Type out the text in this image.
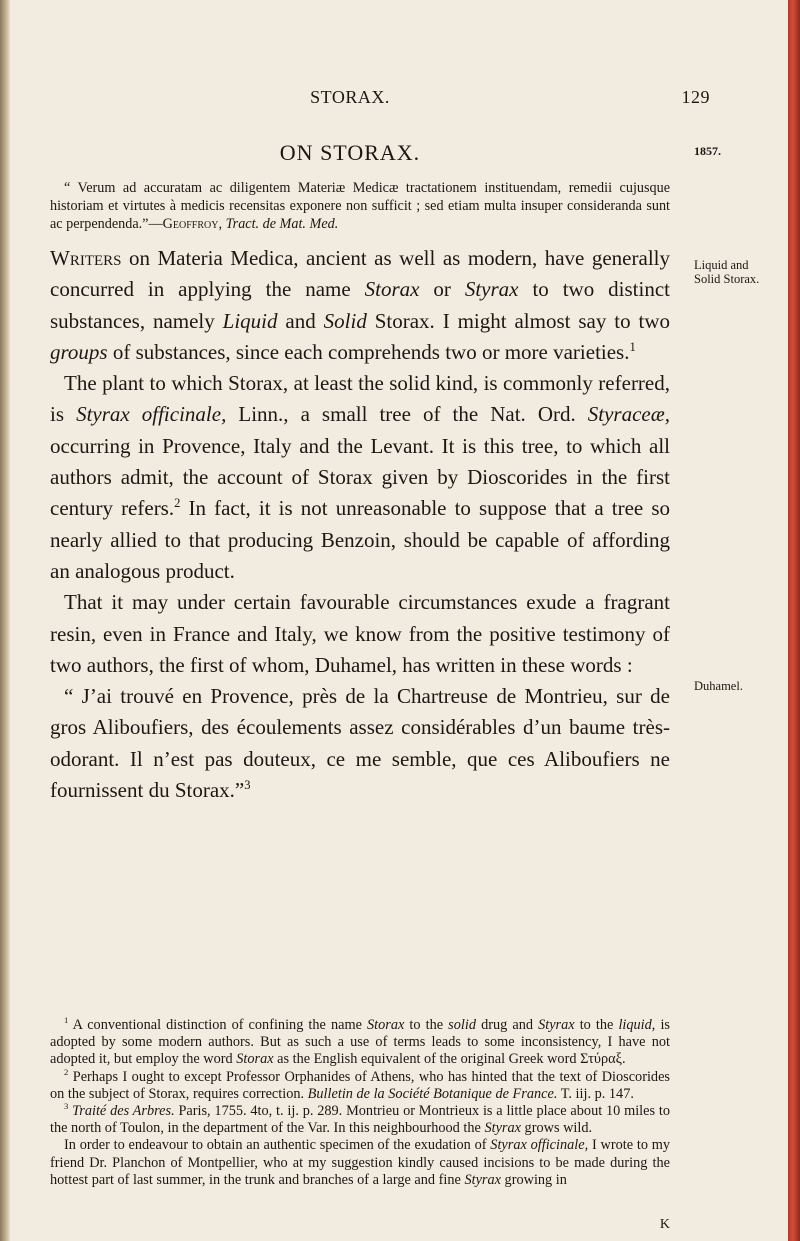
STORAX.	129
ON STORAX.	1857.
“ Verum ad accuratam ac diligentem Materiæ Medicæ tractationem instituendam, remedii cujusque historiam et virtutes à medicis recensitas exponere non sufficit ; sed etiam multa insuper consideranda sunt ac perpendenda.”—Geoffroy, Tract. de Mat. Med.

Writers on Materia Medica, ancient as well as modern, have generally concurred in applying the name Storax or Styrax to two distinct substances, namely Liquid and Solid Storax. I might almost say to two groups of substances, since each comprehends two or more varieties.$^1$

The plant to which Storax, at least the solid kind, is commonly referred, is Styrax officinale, Linn., a small tree of the Nat. Ord. Styraceæ, occurring in Provence, Italy and the Levant. It is this tree, to which all authors admit, the account of Storax given by Dioscorides in the first century refers.$^2$ In fact, it is not unreasonable to suppose that a tree so nearly allied to that producing Benzoin, should be capable of affording an analogous product.

That it may under certain favourable circumstances exude a fragrant resin, even in France and Italy, we know from the positive testimony of two authors, the first of whom, Duhamel, has written in these words :

“ J’ai trouvé en Provence, près de la Chartreuse de Montrieu, sur de gros Aliboufiers, des écoulements assez considérables d’un baume très-odorant. Il n’est pas douteux, ce me semble, que ces Aliboufiers ne fournissent du Storax.”$^3$

Liquid and Solid Storax.
Duhamel.

$^1$ A conventional distinction of confining the name Storax to the solid drug and Styrax to the liquid, is adopted by some modern authors. But as such a use of terms leads to some inconsistency, I have not adopted it, but employ the word Storax as the English equivalent of the original Greek word Στύραξ.

$^2$ Perhaps I ought to except Professor Orphanides of Athens, who has hinted that the text of Dioscorides on the subject of Storax, requires correction. Bulletin de la Société Botanique de France. T. iij. p. 147.

$^3$ Traité des Arbres. Paris, 1755. 4to, t. ij. p. 289. Montrieu or Montrieux is a little place about 10 miles to the north of Toulon, in the department of the Var. In this neighbourhood the Styrax grows wild.

In order to endeavour to obtain an authentic specimen of the exudation of Styrax officinale, I wrote to my friend Dr. Planchon of Montpellier, who at my suggestion kindly caused incisions to be made during the hottest part of last summer, in the trunk and branches of a large and fine Styrax growing in

K
